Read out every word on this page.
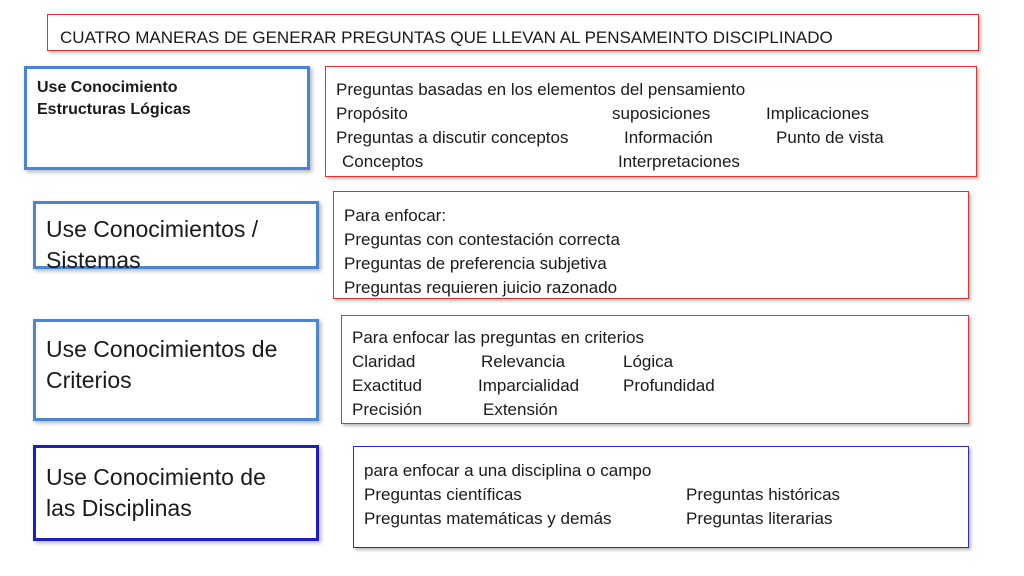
CUATRO MANERAS DE GENERAR PREGUNTAS QUE LLEVAN AL PENSAMEINTO DISCIPLINADO
Use Conocimiento
Estructuras Lógicas
Use Conocimientos /
Sistemas
Use Conocimientos de
Criterios
Use Conocimiento de
las Disciplinas
Preguntas basadas en los elementos del pensamiento
Propósito	suposiciones	Implicaciones
Preguntas a discutir conceptos	Información	Punto de vista
Conceptos	Interpretaciones
Para enfocar:
Preguntas con contestación correcta
Preguntas de preferencia subjetiva
Preguntas requieren juicio razonado
Para enfocar las preguntas en criterios
Claridad	Relevancia	Lógica
Exactitud	Imparcialidad	Profundidad
Precisión	Extensión
para enfocar a una disciplina o campo
Preguntas científicas	Preguntas históricas
Preguntas matemáticas y demás	Preguntas literarias
